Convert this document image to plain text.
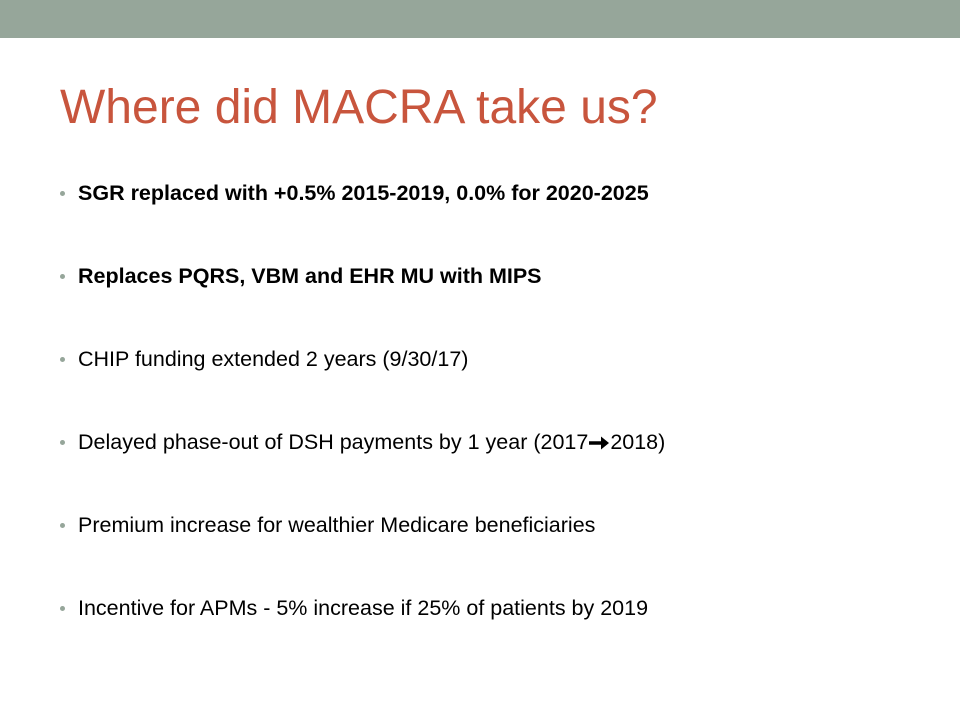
Where did MACRA take us?
SGR replaced with +0.5% 2015-2019, 0.0% for 2020-2025
Replaces PQRS, VBM and EHR MU with MIPS
CHIP funding extended 2 years (9/30/17)
Delayed phase-out of DSH payments by 1 year (2017 2018)
Premium increase for wealthier Medicare beneficiaries
Incentive for APMs - 5% increase if 25% of patients by 2019
